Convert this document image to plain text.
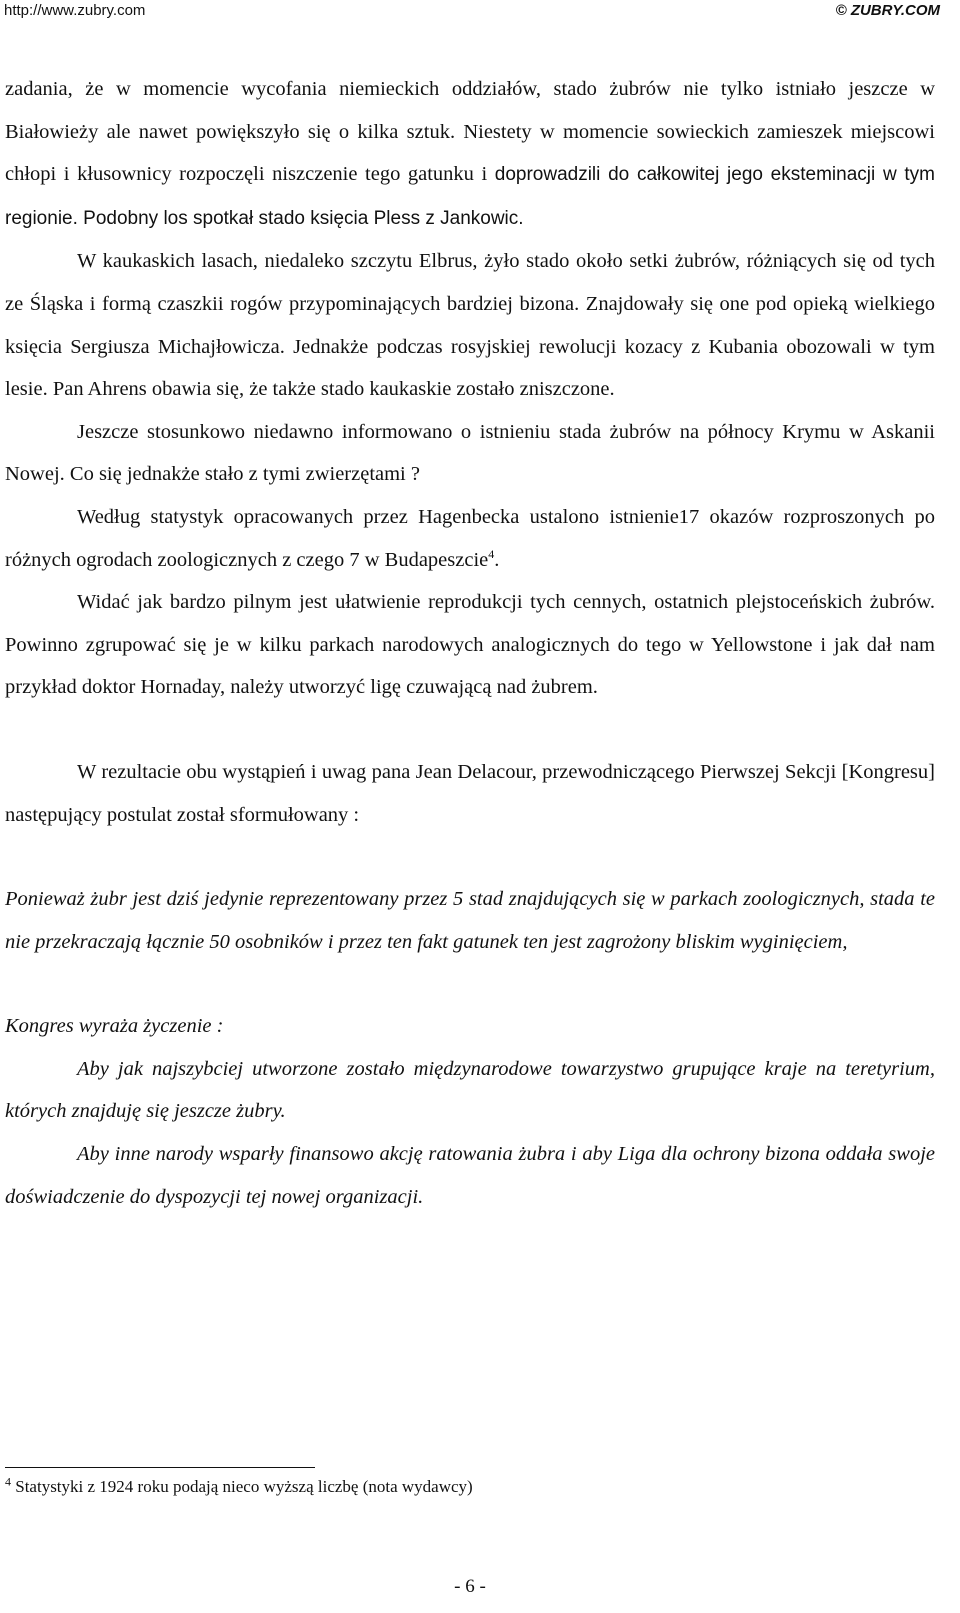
http://www.zubry.com	© ZUBRY.COM

zadania, że w momencie wycofania niemieckich oddziałów, stado żubrów nie tylko istniało jeszcze w Białowieży ale nawet powiększyło się o kilka sztuk. Niestety w momencie sowieckich zamieszek miejscowi chłopi i kłusownicy rozpoczęli niszczenie tego gatunku i doprowadzili do całkowitej jego eksteminacji w tym regionie. Podobny los spotkał stado księcia Pless z Jankowic.

W kaukaskich lasach, niedaleko szczytu Elbrus, żyło stado około setki żubrów, różniących się od tych ze Śląska i formą czaszkii rogów przypominających bardziej bizona. Znajdowały się one pod opieką wielkiego księcia Sergiusza Michajłowicza. Jednakże podczas rosyjskiej rewolucji kozacy z Kubania obozowali w tym lesie. Pan Ahrens obawia się, że także stado kaukaskie zostało zniszczone.

Jeszcze stosunkowo niedawno informowano o istnieniu stada żubrów na północy Krymu w Askanii Nowej. Co się jednakże stało z tymi zwierzętami ?

Według statystyk opracowanych przez Hagenbecka ustalono istnienie17 okazów rozproszonych po różnych ogrodach zoologicznych z czego 7 w Budapeszcie$^4$.

Widać jak bardzo pilnym jest ułatwienie reprodukcji tych cennych, ostatnich plejstoceńskich żubrów. Powinno zgrupować się je w kilku parkach narodowych analogicznych do tego w Yellowstone i jak dał nam przykład doktor Hornaday, należy utworzyć ligę czuwającą nad żubrem.

W rezultacie obu wystąpień i uwag pana Jean Delacour, przewodniczącego Pierwszej Sekcji [Kongresu] następujący postulat został sformułowany :

Ponieważ żubr jest dziś jedynie reprezentowany przez 5 stad znajdujących się w parkach zoologicznych, stada te nie przekraczają łącznie 50 osobników i przez ten fakt gatunek ten jest zagrożony bliskim wyginięciem,

Kongres wyraża życzenie :

Aby jak najszybciej utworzone zostało międzynarodowe towarzystwo grupujące kraje na teretyrium, których znajduję się jeszcze żubry.

Aby inne narody wsparły finansowo akcję ratowania żubra i aby Liga dla ochrony bizona oddała swoje doświadczenie do dyspozycji tej nowej organizacji.

$^4$ Statystyki z 1924 roku podają nieco wyższą liczbę (nota wydawcy)
- 6 -
